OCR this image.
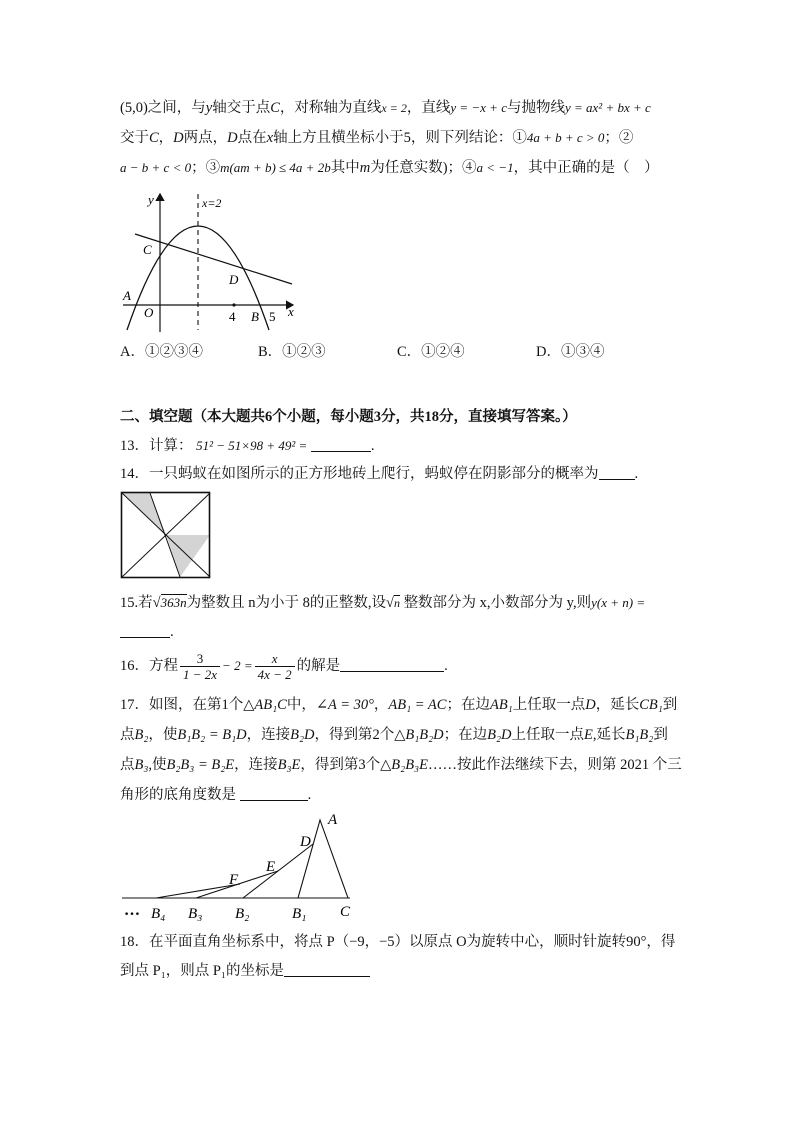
(5,0)之间，与y轴交于点C，对称轴为直线x = 2，直线y = −x + c与抛物线y = ax² + bx + c
交于C，D两点，D点在x轴上方且横坐标小于5，则下列结论：①4a + b + c > 0；②
a − b + c < 0；③m(am + b) ≤ 4a + 2b其中m为任意实数)；④a < −1，其中正确的是（　）
y
x
x=2
C
D
A
O	B
4	5
A．①②③④	B．①②③	C．①②④	D．①③④
二、填空题（本大题共6个小题，每小题3分，共18分，直接填写答案。）
13．计算： 51² − 51×98 + 49² =	.
14．一只蚂蚁在如图所示的正方形地砖上爬行，蚂蚁停在阴影部分的概率为 .
15.若√363n为整数且 n为小于 8的正整数,设√n 整数部分为 x,小数部分为 y,则y(x + n) =
.
16．方程 $\frac{3}{1 - 2x} - 2 = \frac{x}{4x - 2}$ 的解是	.
17．如图，在第1个△AB₁C中，∠A = 30°，AB₁ = AC；在边AB₁上任取一点D，延长CB₁到
点B₂，使B₁B₂ = B₁D，连接B₂D，得到第2个△B₁B₂D；在边B₂D上任取一点E,延长B₁B₂到
点B₃,使B₂B₃ = B₂E，连接B₃E，得到第3个△B₂B₃E……按此作法继续下去，则第 2021 个三
角形的底角度数是	.
…
A
D
E
F
B₄ B₃ B₂	B₁ C
18．在平面直角坐标系中，将点 P（−9，−5）以原点 O为旋转中心，顺时针旋转90°，得
到点 P₁，则点 P₁的坐标是
